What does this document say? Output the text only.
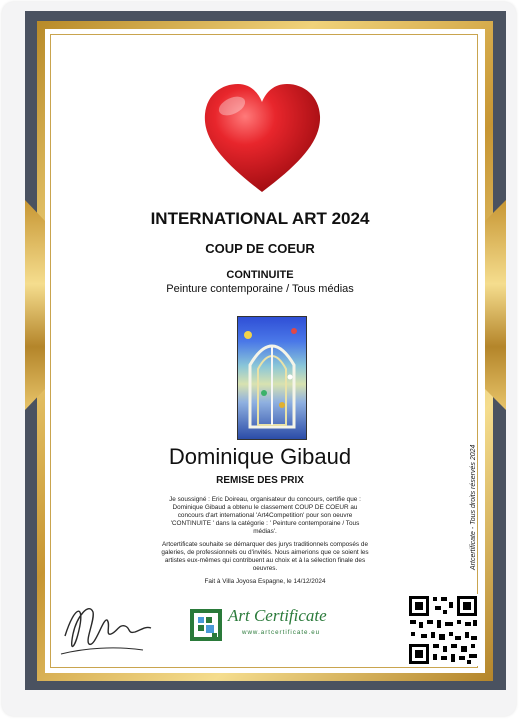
INTERNATIONAL ART 2024
COUP DE COEUR
CONTINUITE
Peinture contemporaine / Tous médias
Dominique Gibaud
REMISE DES PRIX
Je soussigné : Eric Doireau, organisateur du concours, certifie que : Dominique Gibaud a obtenu le classement COUP DE COEUR au concours d'art international 'Art4Competition' pour son oeuvre 'CONTINUITE ' dans la catégorie : ' Peinture contemporaine / Tous médias'.
Artcertificate souhaite se démarquer des jurys traditionnels composés de galeries, de professionnels ou d'invités. Nous aimerions que ce soient les artistes eux-mêmes qui contribuent au choix et à la sélection finale des oeuvres.
Fait à Villa Joyosa Espagne, le 14/12/2024
Artcertificate - Tous droits réservés 2024
Art Certificate
www.artcertificate.eu
